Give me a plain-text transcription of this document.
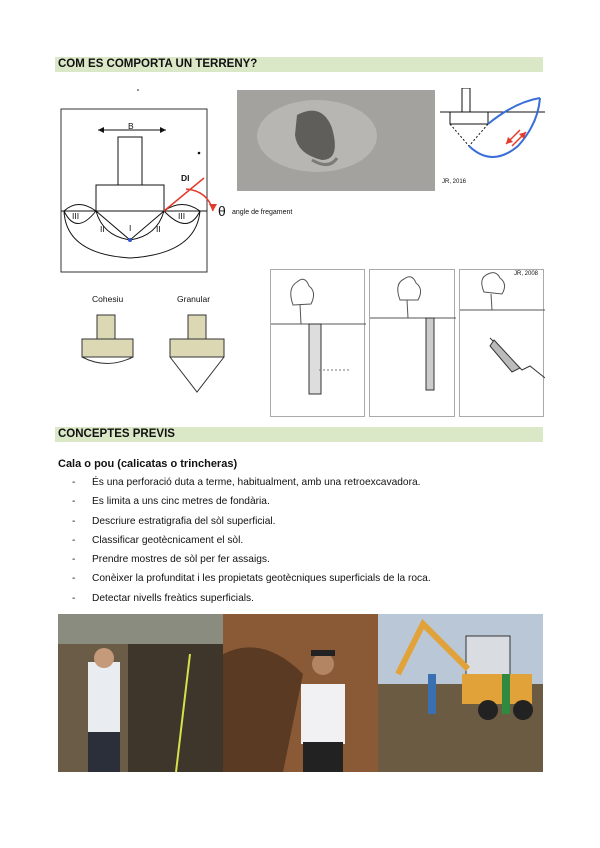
COM ES COMPORTA UN TERRENY?
B
I
II	II
III	III
Dl
θ angle de fregament
JR, 2016
Cohesiu	Granular
JR, 2008
CONCEPTES PREVIS
Cala o pou (calicatas o trincheras)
- És una perforació duta a terme, habitualment, amb una retroexcavadora.
- Es limita a uns cinc metres de fondària.
- Descriure estratigrafia del sòl superficial.
- Classificar geotècnicament el sòl.
- Prendre mostres de sòl per fer assaigs.
- Conèixer la profunditat i les propietats geotècniques superficials de la roca.
- Detectar nivells freàtics superficials.
